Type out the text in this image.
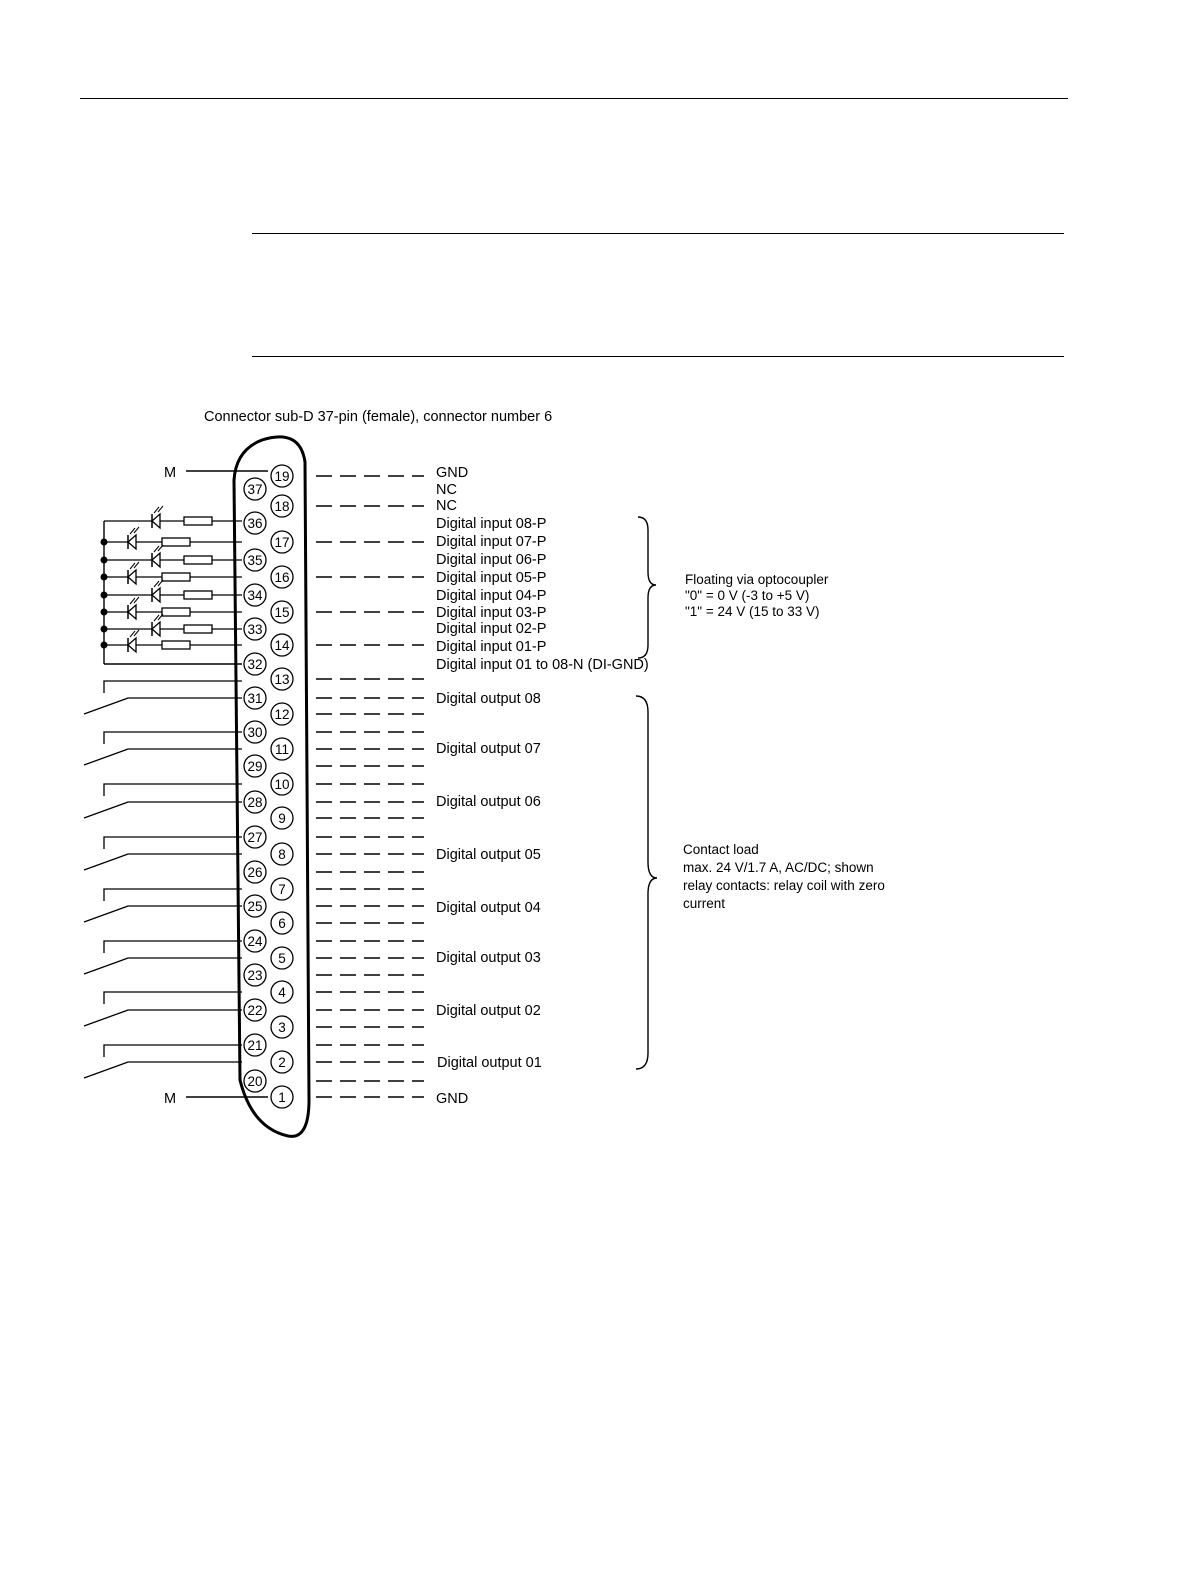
Connector sub-D 37-pin (female), connector number 6
M
M
19
18
17
16
15
14
13
12
11
10
9
8
7
6
5
4
3
2
1
37
36
35
34
33
32
31
30
29
28
27
26
25
24
23
22
21
20
GND
NC
NC
Digital input 08-P
Digital input 07-P
Digital input 06-P
Digital input 05-P
Digital input 04-P
Digital input 03-P
Digital input 02-P
Digital input 01-P
Digital input 01 to 08-N (DI-GND)
Digital output 08
Digital output 07
Digital output 06
Digital output 05
Digital output 04
Digital output 03
Digital output 02
Digital output 01
GND
Floating via optocoupler
"0" = 0 V (-3 to +5 V)
"1" = 24 V (15 to 33 V)
Contact load
max. 24 V/1.7 A, AC/DC; shown
relay contacts: relay coil with zero
current
